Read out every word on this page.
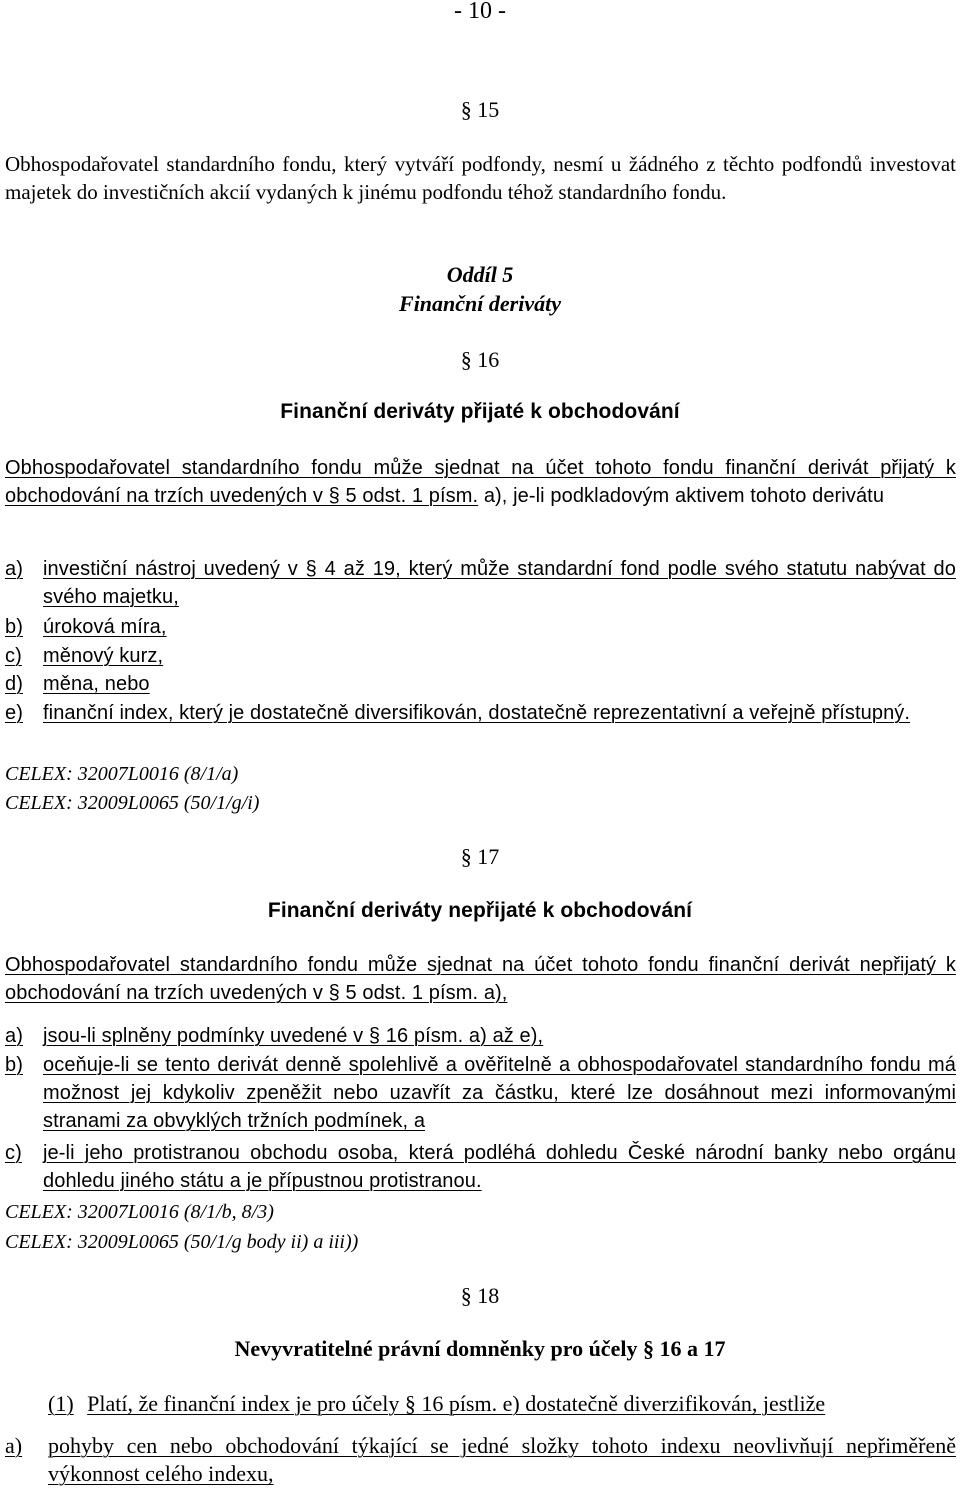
- 10 -
§ 15
Obhospodařovatel standardního fondu, který vytváří podfondy, nesmí u žádného z těchto podfondů investovat majetek do investičních akcií vydaných k jinému podfondu téhož standardního fondu.
Oddíl 5
Finanční deriváty
§ 16
Finanční deriváty přijaté k obchodování
Obhospodařovatel standardního fondu může sjednat na účet tohoto fondu finanční derivát přijatý k obchodování na trzích uvedených v § 5 odst. 1 písm. a), je-li podkladovým aktivem tohoto derivátu
a) investiční nástroj uvedený v § 4 až 19, který může standardní fond podle svého statutu nabývat do svého majetku,
b) úroková míra,
c) měnový kurz,
d) měna, nebo
e) finanční index, který je dostatečně diversifikován, dostatečně reprezentativní a veřejně přístupný.
CELEX: 32007L0016 (8/1/a)
CELEX: 32009L0065 (50/1/g/i)
§ 17
Finanční deriváty nepřijaté k obchodování
Obhospodařovatel standardního fondu může sjednat na účet tohoto fondu finanční derivát nepřijatý k obchodování na trzích uvedených v § 5 odst. 1 písm. a),
a) jsou-li splněny podmínky uvedené v § 16 písm. a) až e),
b) oceňuje-li se tento derivát denně spolehlivě a ověřitelně a obhospodařovatel standardního fondu má možnost jej kdykoliv zpeněžit nebo uzavřít za částku, které lze dosáhnout mezi informovanými stranami za obvyklých tržních podmínek, a
c) je-li jeho protistranou obchodu osoba, která podléhá dohledu České národní banky nebo orgánu dohledu jiného státu a je přípustnou protistranou.
CELEX: 32007L0016 (8/1/b, 8/3)
CELEX: 32009L0065 (50/1/g body ii) a iii))
§ 18
Nevyvratitelné právní domněnky pro účely § 16 a 17
(1) Platí, že finanční index je pro účely § 16 písm. e) dostatečně diverzifikován, jestliže
a) pohyby cen nebo obchodování týkající se jedné složky tohoto indexu neovlivňují nepřiměřeně výkonnost celého indexu,
